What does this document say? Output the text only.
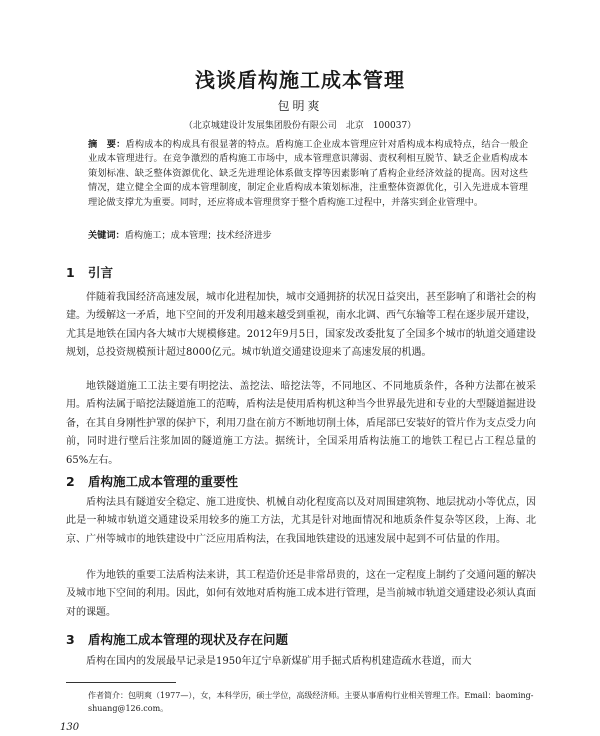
浅谈盾构施工成本管理
包明爽
（北京城建设计发展集团股份有限公司　北京　100037）
摘　要：盾构成本的构成具有很显著的特点。盾构施工企业成本管理应针对盾构成本构成特点，结合一般企业成本管理进行。在竞争激烈的盾构施工市场中，成本管理意识薄弱、责权利相互脱节、缺乏企业盾构成本策划标准、缺乏整体资源优化、缺乏先进理论体系做支撑等因素影响了盾构企业经济效益的提高。因对这些情况，建立健全全面的成本管理制度，制定企业盾构成本策划标准，注重整体资源优化，引入先进成本管理理论做支撑尤为重要。同时，还应将成本管理贯穿于整个盾构施工过程中，并落实到企业管理中。
关键词：盾构施工；成本管理；技术经济进步
1 引言
伴随着我国经济高速发展，城市化进程加快，城市交通拥挤的状况日益突出，甚至影响了和谐社会的构建。为缓解这一矛盾，地下空间的开发利用越来越受到重视，南水北调、西气东输等工程在逐步展开建设，尤其是地铁在国内各大城市大规模修建。2012年9月5日，国家发改委批复了全国多个城市的轨道交通建设规划，总投资规模预计超过8000亿元。城市轨道交通建设迎来了高速发展的机遇。
地铁隧道施工工法主要有明挖法、盖挖法、暗挖法等，不同地区、不同地质条件，各种方法都在被采用。盾构法属于暗挖法隧道施工的范畴，盾构法是使用盾构机这种当今世界最先进和专业的大型隧道掘进设备，在其自身刚性护罩的保护下，利用刀盘在前方不断地切削土体，盾尾部已安装好的管片作为支点受力向前，同时进行壁后注浆加固的隧道施工方法。据统计，全国采用盾构法施工的地铁工程已占工程总量的65%左右。
2 盾构施工成本管理的重要性
盾构法具有隧道安全稳定、施工进度快、机械自动化程度高以及对周围建筑物、地层扰动小等优点，因此是一种城市轨道交通建设采用较多的施工方法，尤其是针对地面情况和地质条件复杂等区段，上海、北京、广州等城市的地铁建设中广泛应用盾构法，在我国地铁建设的迅速发展中起到不可估量的作用。
作为地铁的重要工法盾构法来讲，其工程造价还是非常昂贵的，这在一定程度上制约了交通问题的解决及城市地下空间的利用。因此，如何有效地对盾构施工成本进行管理，是当前城市轨道交通建设必须认真面对的课题。
3 盾构施工成本管理的现状及存在问题
盾构在国内的发展最早记录是1950年辽宁阜新煤矿用手掘式盾构机建造疏水巷道，而大
作者简介：包明爽（1977—），女，本科学历，硕士学位，高级经济师。主要从事盾构行业相关管理工作。Email：baoming-shuang@126.com。
130
